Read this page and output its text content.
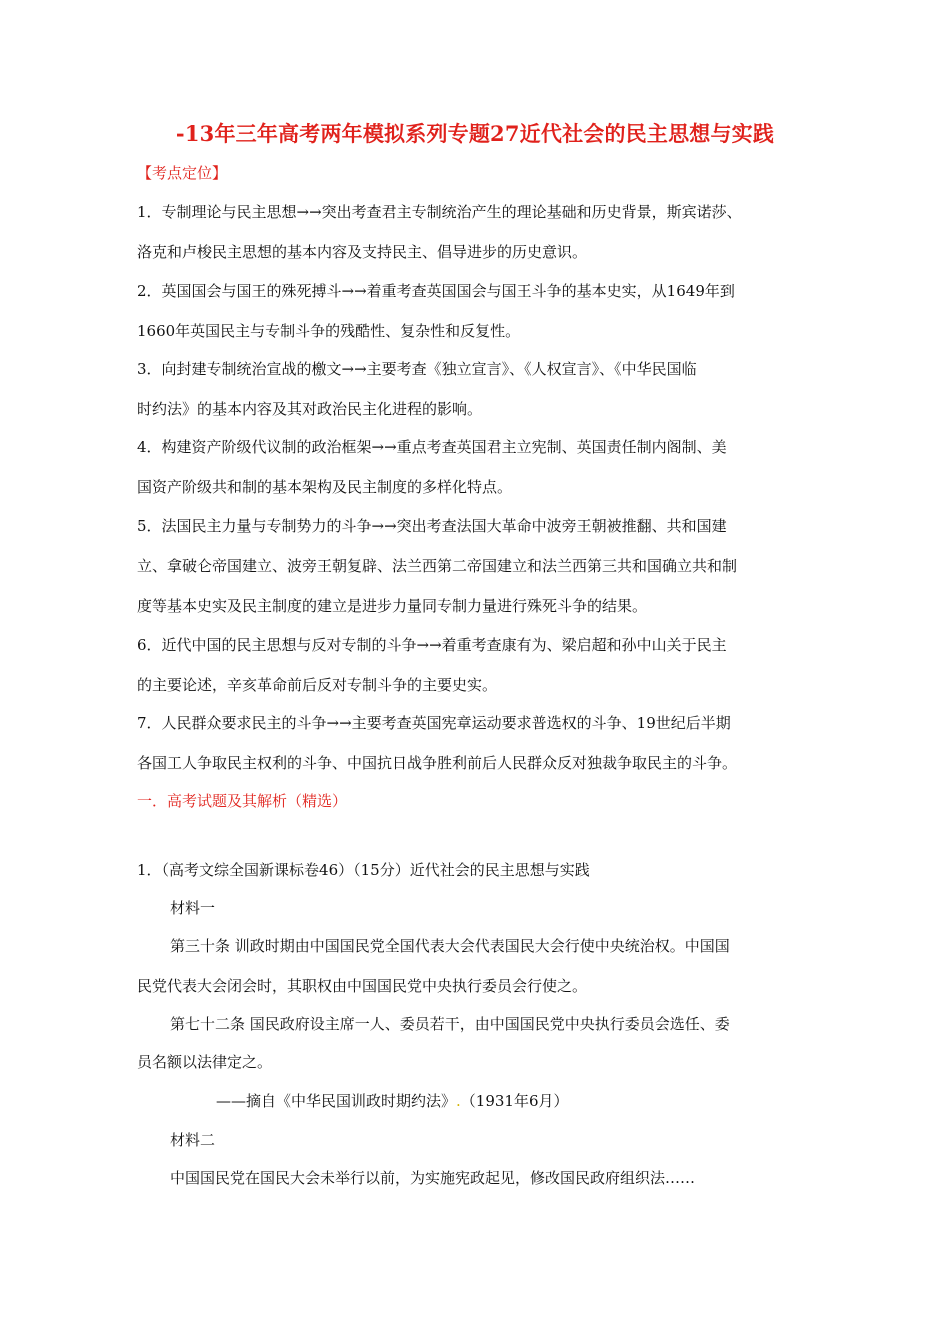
-13年三年高考两年模拟系列专题27近代社会的民主思想与实践
【考点定位】
1．专制理论与民主思想→→突出考查君主专制统治产生的理论基础和历史背景，斯宾诺莎、
洛克和卢梭民主思想的基本内容及支持民主、倡导进步的历史意识。
2．英国国会与国王的殊死搏斗→→着重考查英国国会与国王斗争的基本史实，从1649年到
1660年英国民主与专制斗争的残酷性、复杂性和反复性。
3．向封建专制统治宣战的檄文→→主要考查《独立宣言》、《人权宣言》、《中华民国临
时约法》的基本内容及其对政治民主化进程的影响。
4．构建资产阶级代议制的政治框架→→重点考查英国君主立宪制、英国责任制内阁制、美
国资产阶级共和制的基本架构及民主制度的多样化特点。
5．法国民主力量与专制势力的斗争→→突出考查法国大革命中波旁王朝被推翻、共和国建
立、拿破仑帝国建立、波旁王朝复辟、法兰西第二帝国建立和法兰西第三共和国确立共和制
度等基本史实及民主制度的建立是进步力量同专制力量进行殊死斗争的结果。
6．近代中国的民主思想与反对专制的斗争→→着重考查康有为、梁启超和孙中山关于民主
的主要论述，辛亥革命前后反对专制斗争的主要史实。
7．人民群众要求民主的斗争→→主要考查英国宪章运动要求普选权的斗争、19世纪后半期
各国工人争取民主权利的斗争、中国抗日战争胜利前后人民群众反对独裁争取民主的斗争。
一．高考试题及其解析（精选）
1．（高考文综全国新课标卷46）（15分）近代社会的民主思想与实践
材料一
第三十条 训政时期由中国国民党全国代表大会代表国民大会行使中央统治权。中国国
民党代表大会闭会时，其职权由中国国民党中央执行委员会行使之。
第七十二条 国民政府设主席一人、委员若干，由中国国民党中央执行委员会选任、委
员名额以法律定之。
——摘自《中华民国训政时期约法》.（1931年6月）
材料二
中国国民党在国民大会未举行以前，为实施宪政起见，修改国民政府组织法……
